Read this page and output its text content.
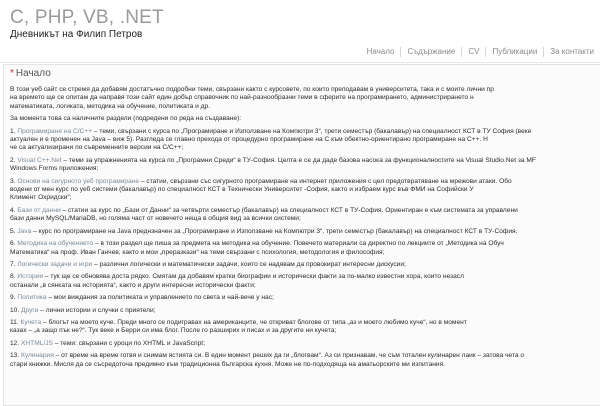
C, PHP, VB, .NET
Дневникът на Филип Петров
Начало	Съдържание	CV	Публикации	За контакти
* Начало

В този уеб сайт се стремя да добавям достатъчно подробни теми, свързани както с курсовете, по които преподавам в университета, така и с моите лични пр
на времето ще се опитам да направя този сайт един добър справочник по най-разнообразни теми в сферите на програмирането, администрирането н
математиката, логиката, методика на обучение, политиката и др.

За момента това са наличните раздели (подредени по реда на създаване):

1. Програмиране на C/C++ – теми, свързани с курса по „Програмиране и Използване на Компютри 3“, трети семестър (бакалавър) на специалност КСТ в ТУ София (веке
актуален и е променен на Java – виж 5). Разгледа се главно прехода от процедурно програмиране на C към обектно-ориентирано програмиране на C++. Н
че са актуализирани по съвременните версии на C/C++;

2. Visual C++.Net – теми за упражненията на курса по „Програмни Среди“ в ТУ-София. Целта е се да даде базова насока за функционалностите на Visual Studio.Net за MF
Windows Forms приложения;

3. Основи на сигурното уеб програмиране – статии, свързани със сигурното програмиране на интернет приложения с цел предотвратяване на мрежови атаки. Обо
водени от мен курс по уеб системи (бакалавър) по специалност КСТ в Технически Университет -София, както и избраем курс във ФМИ на Софийски У
Климент Охридски“;

4. Бази от данни – статии за курс по „Бази от Данни“ за четвърти семестър (бакалавър) на специалност КСТ в ТУ-София. Ориентиран е към системата за управлени
бази данни MySQL/MariaDB, но голяма част от новечето неща в общия вид за всички системи;

5. Java – курс по програмиране на Java преднзначен за „Програмиране и Използване на Компютри 3“, трети семестър (бакалавър) на специалност КСТ в ТУ-София.

6. Методика на обучението – в този раздел ще пиша за предмета на методика на обучение. Повечето материали са директно по лекциите от „Методика на Обуч
Математика“ на проф. Иван Ганчев, както и мои „преразкази“ на теми свързани с психология, методология и философия;

7. Логически задачи и игри – различни логически и математически задачи, които се надявам да провокират интересни дискусии;

8. Истории – тук ще се обновява доста рядко. Смятам да добавям кратки биографии и исторически факти за по-малко известни хора, които незасл
останали „в сянката на историята“, както и други интересни исторически факти;

9. Политика – мои виждания за политиката и управлението по света и най-вече у нас;

10. Други – лични истории и случки с приятели;

11. Кучета – блогът на моето куче. Преди много се подиграваx на американците, че откриват блогове от типа „аз и моето любимо куче“, но в момент
казах – „а защо пък не?“. Тук веке и Берри си има блог. После го разширих и писах и за другите ни кучета;

12. XHTML/JS – теми: свързани с уроци по XHTML и JavaScript;

13. Кулинария – от време на време готвя и снимам ястията си. В един момент реших да ги „блогвам“. Аз си признавам, че съм тотален кулинарен лаик – затова чета о
стари книжки. Мисля да се съсредоточа предимно към традиционна българска кухня. Може не по-подходяща на аматьорските ми изпитания.
